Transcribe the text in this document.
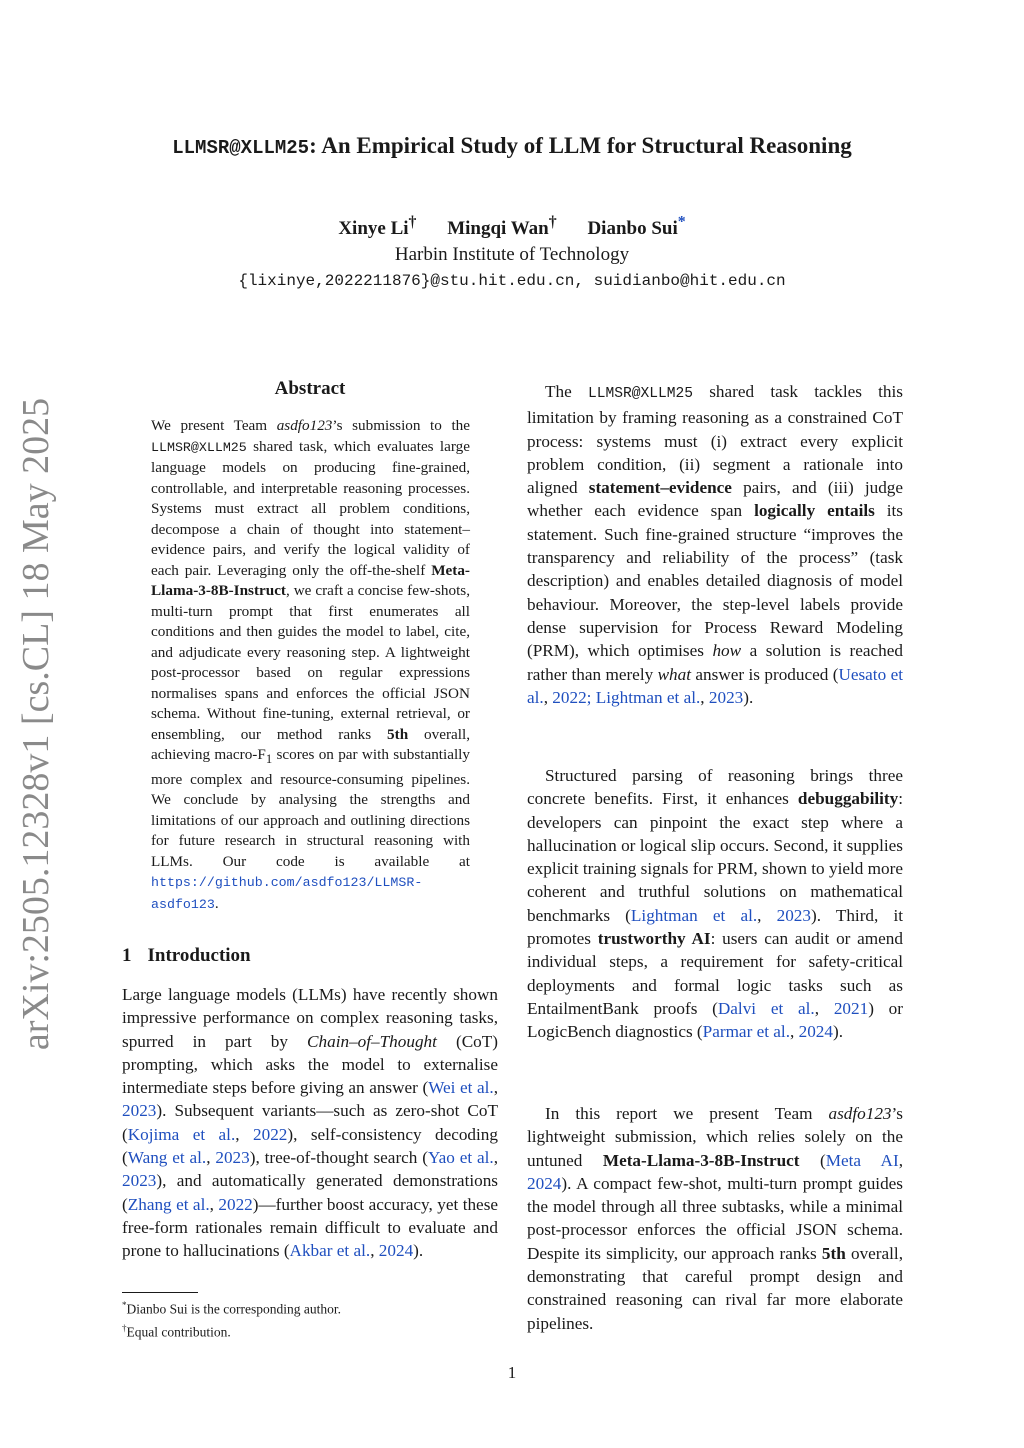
arXiv:2505.12328v1 [cs.CL] 18 May 2025
LLMSR@XLLM25: An Empirical Study of LLM for Structural Reasoning
Xinye Li† Mingqi Wan† Dianbo Sui*
Harbin Institute of Technology
{lixinye,2022211876}@stu.hit.edu.cn, suidianbo@hit.edu.cn
Abstract
We present Team asdfo123’s submission to the LLMSR@XLLM25 shared task, which evaluates large language models on producing fine-grained, controllable, and interpretable reasoning processes. Systems must extract all problem conditions, decompose a chain of thought into statement–evidence pairs, and verify the logical validity of each pair. Leveraging only the off-the-shelf Meta-Llama-3-8B-Instruct, we craft a concise few-shots, multi-turn prompt that first enumerates all conditions and then guides the model to label, cite, and adjudicate every reasoning step. A lightweight post-processor based on regular expressions normalises spans and enforces the official JSON schema. Without fine-tuning, external retrieval, or ensembling, our method ranks 5th overall, achieving macro-$F_1$ scores on par with substantially more complex and resource-consuming pipelines. We conclude by analysing the strengths and limitations of our approach and outlining directions for future research in structural reasoning with LLMs. Our code is available at https://github.com/asdfo123/LLMSR-asdfo123.
1 Introduction

Large language models (LLMs) have recently shown impressive performance on complex reasoning tasks, spurred in part by Chain–of–Thought (CoT) prompting, which asks the model to externalise intermediate steps before giving an answer (Wei et al., 2023). Subsequent variants—such as zero-shot CoT (Kojima et al., 2022), self-consistency decoding (Wang et al., 2023), tree-of-thought search (Yao et al., 2023), and automatically generated demonstrations (Zhang et al., 2022)—further boost accuracy, yet these free-form rationales remain difficult to evaluate and prone to hallucinations (Akbar et al., 2024).

The LLMSR@XLLM25 shared task tackles this limitation by framing reasoning as a constrained CoT process: systems must (i) extract every explicit problem condition, (ii) segment a rationale into aligned statement–evidence pairs, and (iii) judge whether each evidence span logically entails its statement. Such fine-grained structure “improves the transparency and reliability of the process” (task description) and enables detailed diagnosis of model behaviour. Moreover, the step-level labels provide dense supervision for Process Reward Modeling (PRM), which optimises how a solution is reached rather than merely what answer is produced (Uesato et al., 2022; Lightman et al., 2023).

Structured parsing of reasoning brings three concrete benefits. First, it enhances debuggability: developers can pinpoint the exact step where a hallucination or logical slip occurs. Second, it supplies explicit training signals for PRM, shown to yield more coherent and truthful solutions on mathematical benchmarks (Lightman et al., 2023). Third, it promotes trustworthy AI: users can audit or amend individual steps, a requirement for safety-critical deployments and formal logic tasks such as EntailmentBank proofs (Dalvi et al., 2021) or LogicBench diagnostics (Parmar et al., 2024).

In this report we present Team asdfo123’s lightweight submission, which relies solely on the untuned Meta-Llama-3-8B-Instruct (Meta AI, 2024). A compact few-shot, multi-turn prompt guides the model through all three subtasks, while a minimal post-processor enforces the official JSON schema. Despite its simplicity, our approach ranks 5th overall, demonstrating that careful prompt design and constrained reasoning can rival far more elaborate pipelines.

*Dianbo Sui is the corresponding author.
†Equal contribution.
1
